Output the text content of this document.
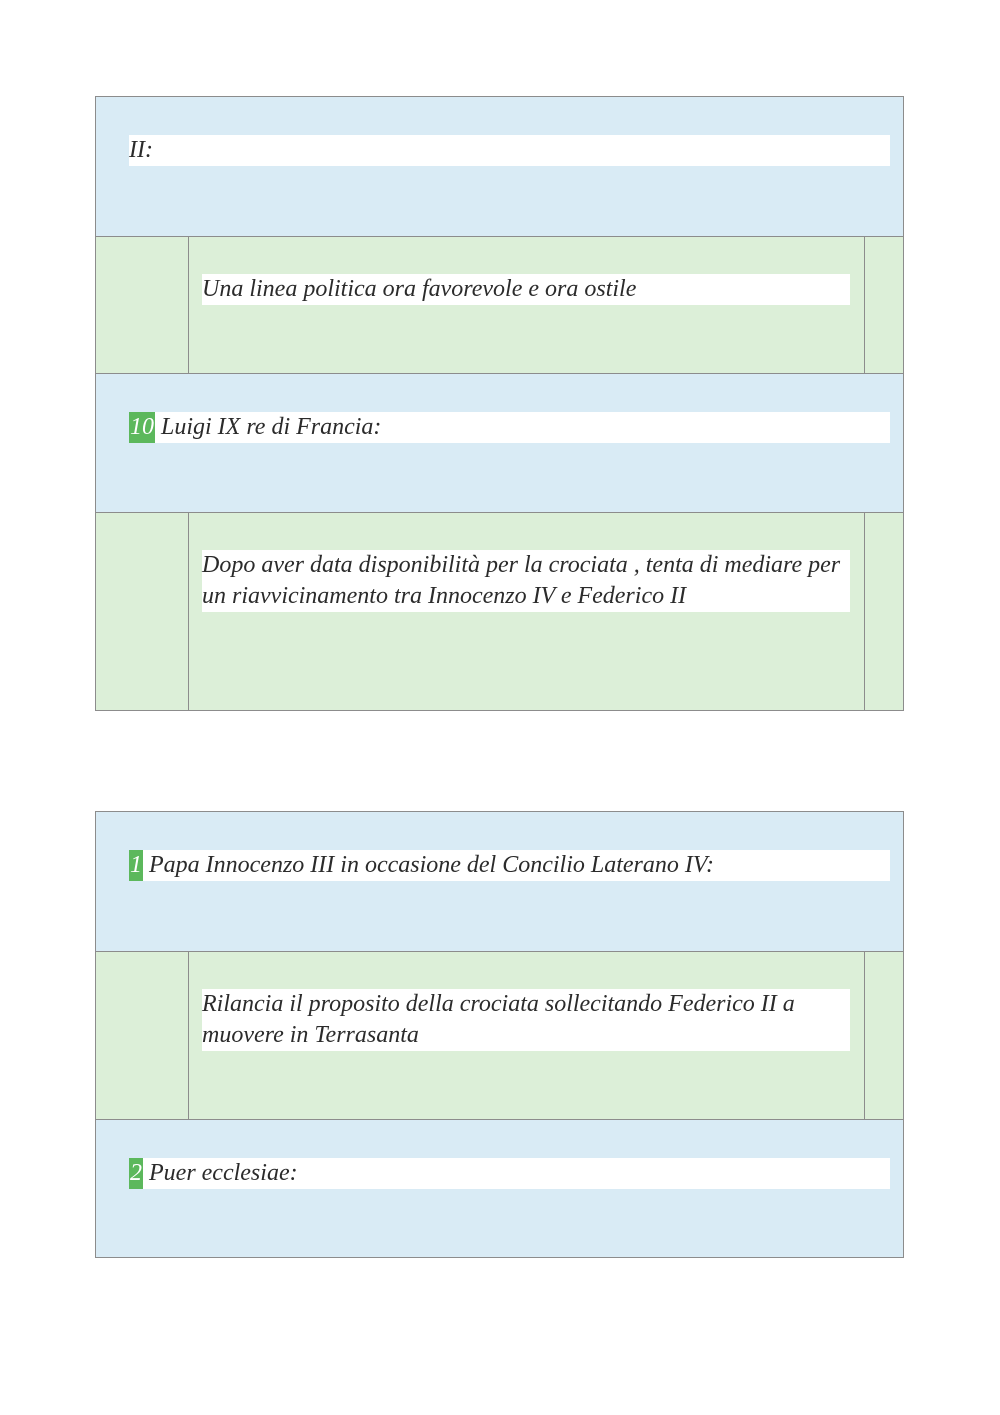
II:
Una linea politica ora favorevole e ora ostile
10 Luigi IX re di Francia:
Dopo aver data disponibilità per la crociata , tenta di mediare per un riavvicinamento tra Innocenzo IV e Federico II
1 Papa Innocenzo III in occasione del Concilio Laterano IV:
Rilancia il proposito della crociata sollecitando Federico II a muovere in Terrasanta
2 Puer ecclesiae:
